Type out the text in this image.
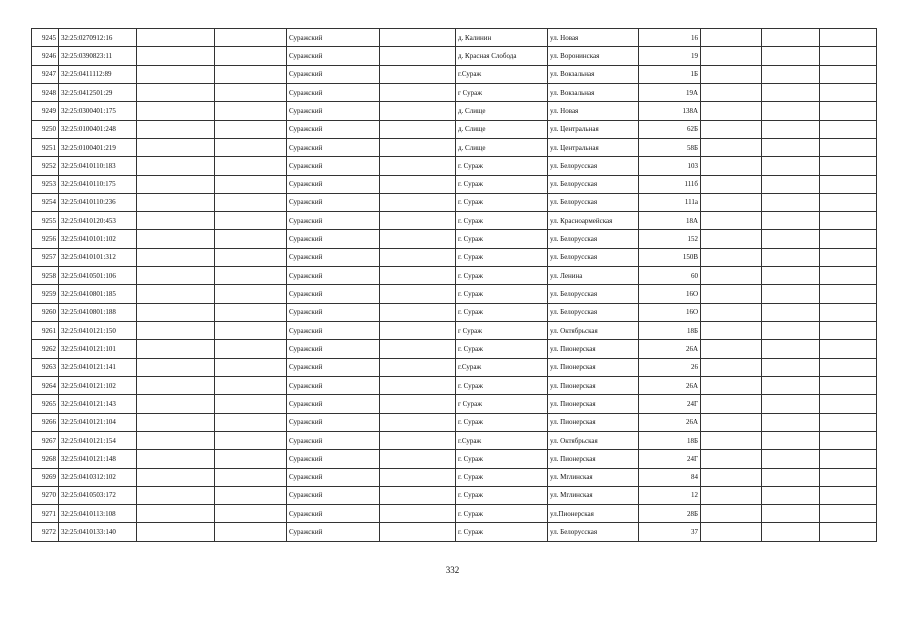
9245	32:25:0270912:16			Суражский		д. Калинин	ул. Новая	16			
9246	32:25:0390823:11			Суражский		д. Красная Слобода	ул. Воронинская	19			
9247	32:25:0411112:89			Суражский		г.Сураж	ул. Вокзальная	1Б			
9248	32:25:0412501:29			Суражский		г Сураж	ул. Вокзальная	19А			
9249	32:25:0300401:175			Суражский		д. Слище	ул. Новая	138А			
9250	32:25:0100401:248			Суражский		д. Слище	ул. Центральная	62Б			
9251	32:25:0100401:219			Суражский		д. Слище	ул. Центральная	58Б			
9252	32:25:0410110:183			Суражский		г. Сураж	ул. Белорусская	103			
9253	32:25:0410110:175			Суражский		г. Сураж	ул. Белорусская	111б			
9254	32:25:0410110:236			Суражский		г. Сураж	ул. Белорусская	111а			
9255	32:25:0410120:453			Суражский		г. Сураж	ул. Красноармейская	18А			
9256	32:25:0410101:102			Суражский		г. Сураж	ул. Белорусская	152			
9257	32:25:0410101:312			Суражский		г. Сураж	ул. Белорусская	150В			
9258	32:25:0410501:106			Суражский		г. Сураж	ул. Ленина	60			
9259	32:25:0410801:185			Суражский		г. Сураж	ул. Белорусская	16О			
9260	32:25:0410801:188			Суражский		г. Сураж	ул. Белорусская	16О			
9261	32:25:0410121:150			Суражский		г Сураж	ул. Октябрьская	18Б			
9262	32:25:0410121:101			Суражский		г. Сураж	ул. Пионерская	26А			
9263	32:25:0410121:141			Суражский		г.Сураж	ул. Пионерская	26			
9264	32:25:0410121:102			Суражский		г. Сураж	ул. Пионерская	26А			
9265	32:25:0410121:143			Суражский		г Сураж	ул. Пионерская	24Г			
9266	32:25:0410121:104			Суражский		г. Сураж	ул. Пионерская	26А			
9267	32:25:0410121:154			Суражский		г.Сураж	ул. Октябрьская	18Б			
9268	32:25:0410121:148			Суражский		г. Сураж	ул. Пионерская	24Г			
9269	32:25:0410312:102			Суражский		г. Сураж	ул. Мглинская	84			
9270	32:25:0410503:172			Суражский		г. Сураж	ул. Мглинская	12			
9271	32:25:0410113:108			Суражский		г. Сураж	ул.Пионерская	28Б			
9272	32:25:0410133:140			Суражский		г. Сураж	ул. Белорусская	37			
332
